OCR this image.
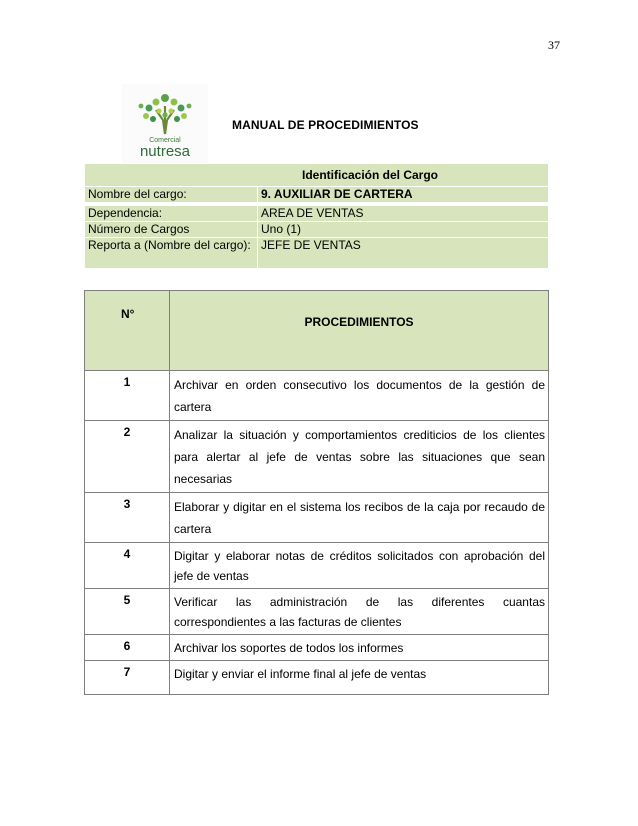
37
Comercial
nutresa
MANUAL DE PROCEDIMIENTOS
Identificación del Cargo	
Nombre del cargo:	9. AUXILIAR DE CARTERA

Dependencia:	AREA DE VENTAS
Número de Cargos	Uno (1)
Reporta a (Nombre del cargo):	JEFE DE VENTAS
N°	PROCEDIMIENTOS
1	Archivar en orden consecutivo los documentos de la gestión de cartera
2	Analizar la situación y comportamientos crediticios de los clientes para alertar al jefe de ventas sobre las situaciones que sean necesarias
3	Elaborar y digitar en el sistema los recibos de la caja por recaudo de cartera
4	Digitar y elaborar notas de créditos solicitados con aprobación del jefe de ventas
5	Verificar las administración de las diferentes cuantas correspondientes a las facturas de clientes
6	Archivar los soportes de todos los informes
7	Digitar y enviar el informe final al jefe de ventas
